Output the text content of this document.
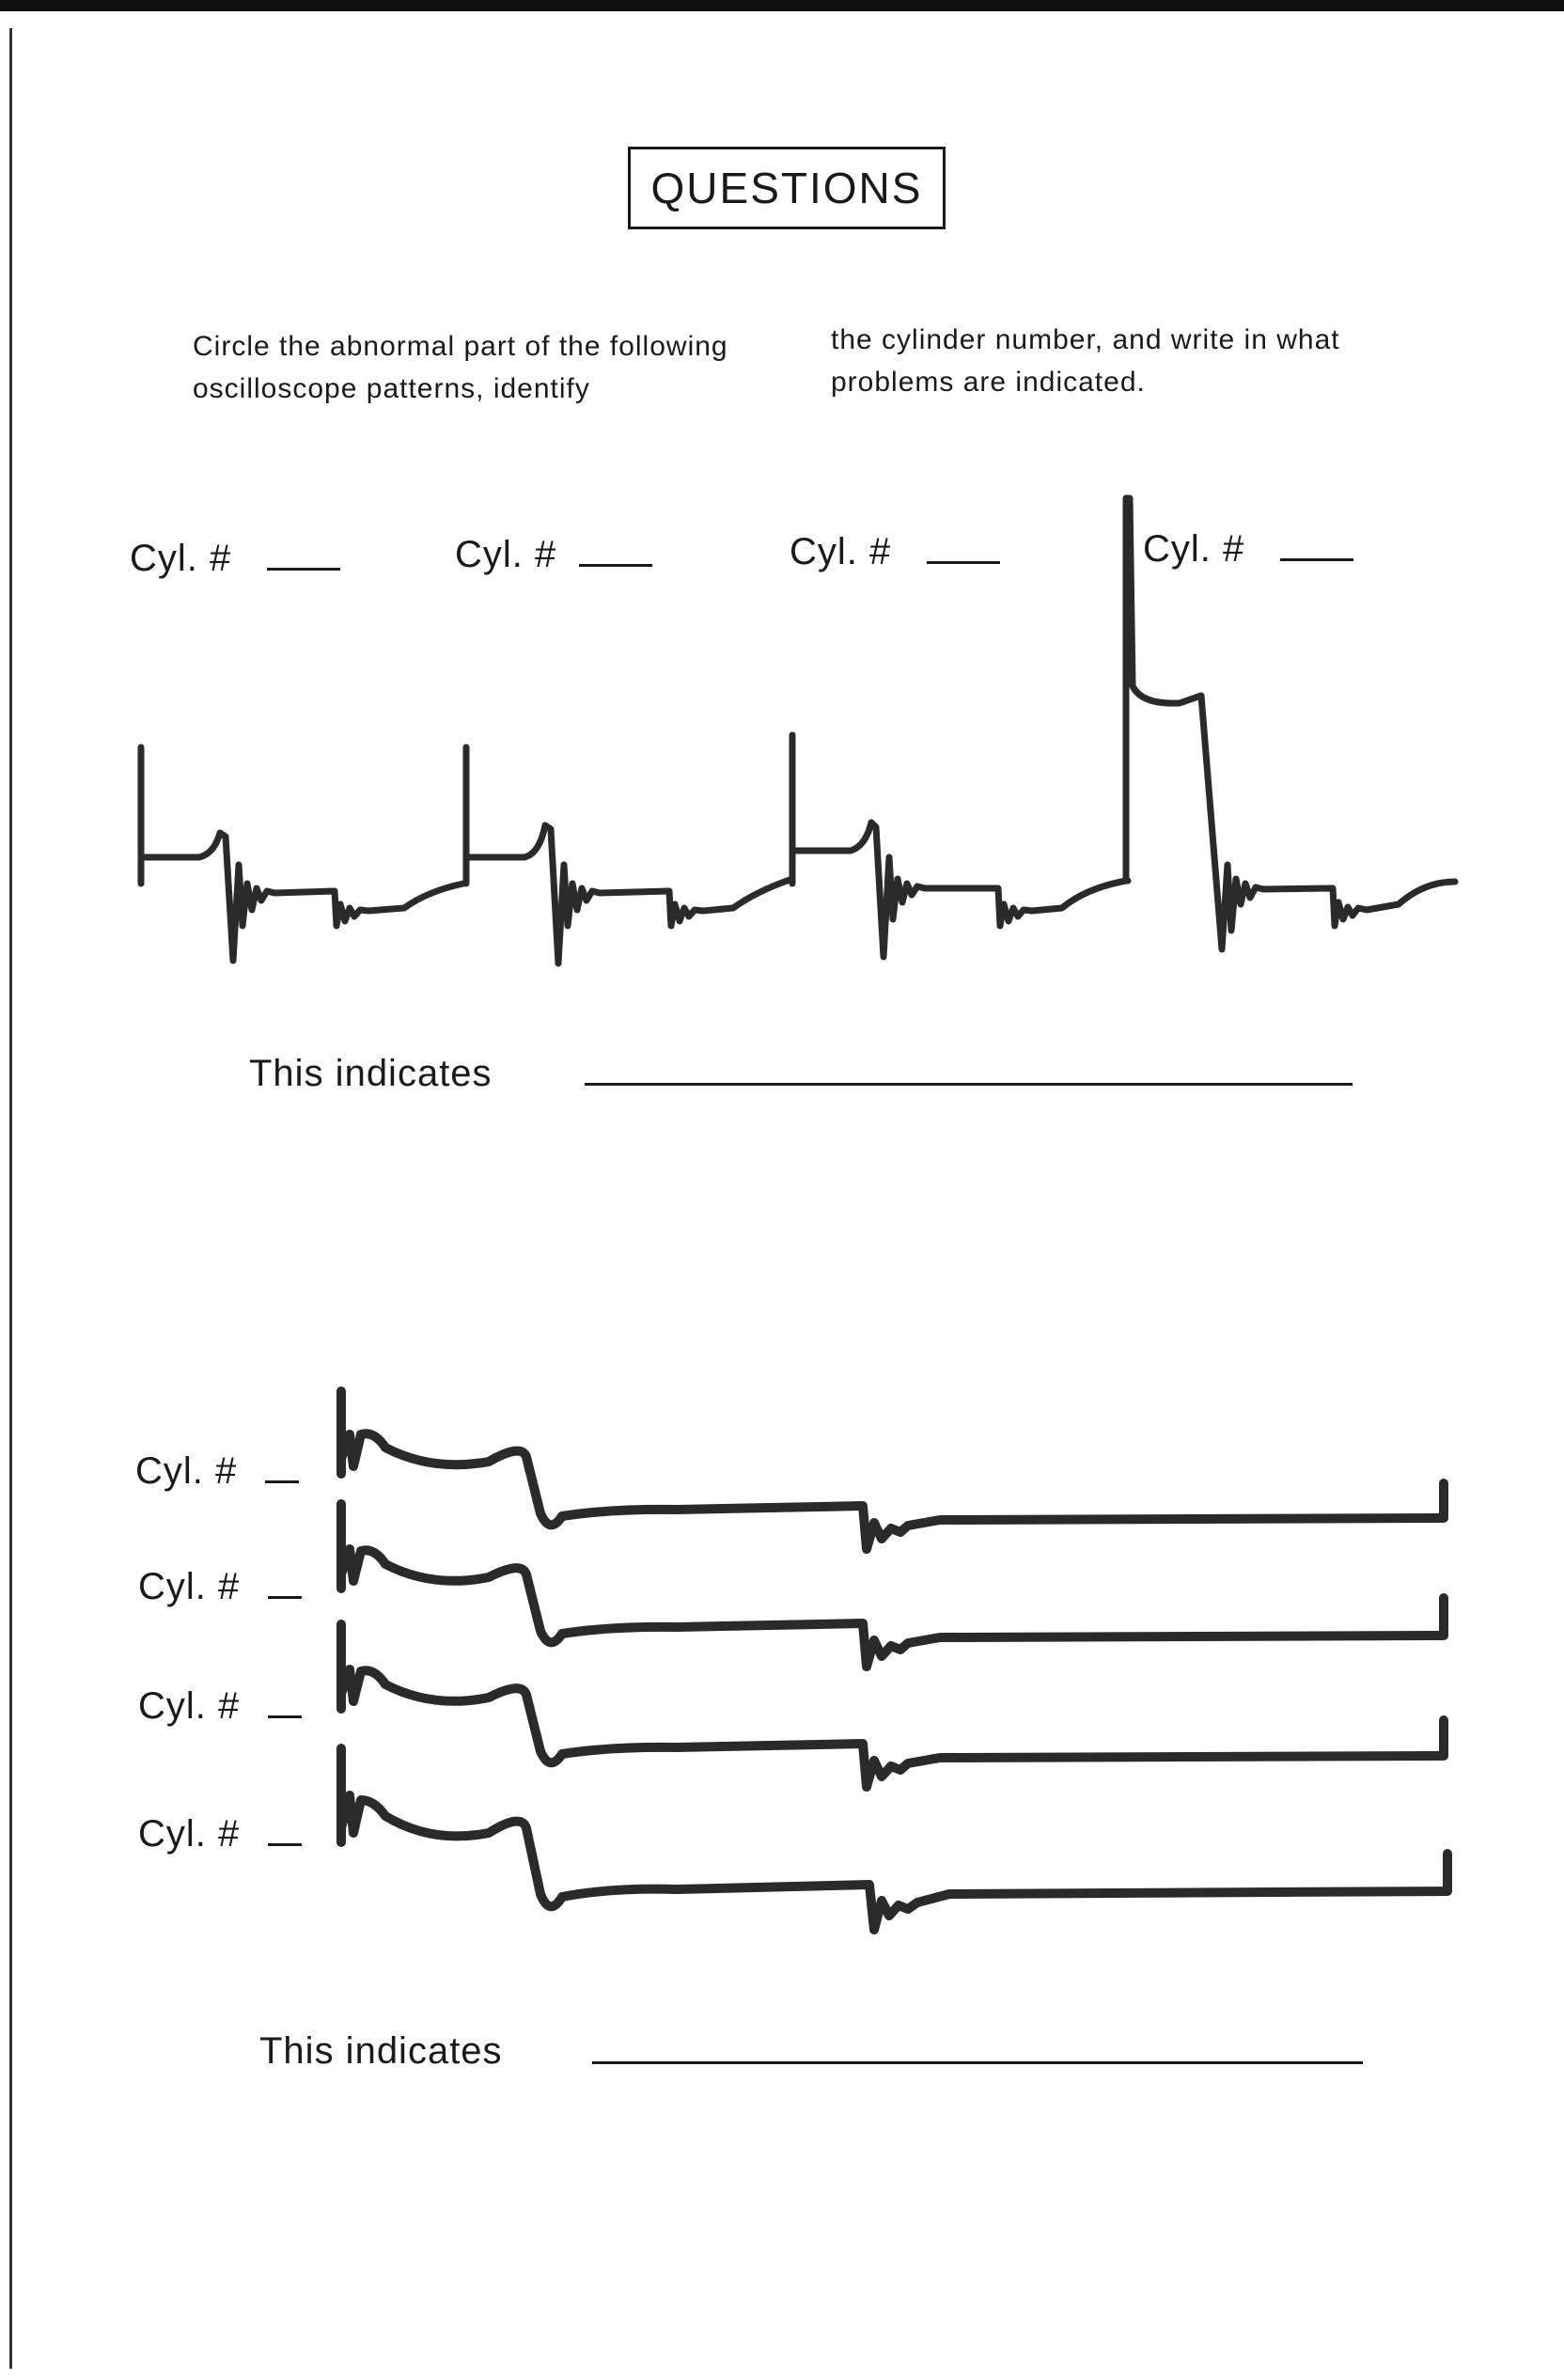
QUESTIONS
Circle the abnormal part of the following oscilloscope patterns, identify
the cylinder number, and write in what problems are indicated.
Cyl. #	Cyl. #	Cyl. #	Cyl. #
This indicates
Cyl. #
Cyl. #
Cyl. #
Cyl. #
This indicates
